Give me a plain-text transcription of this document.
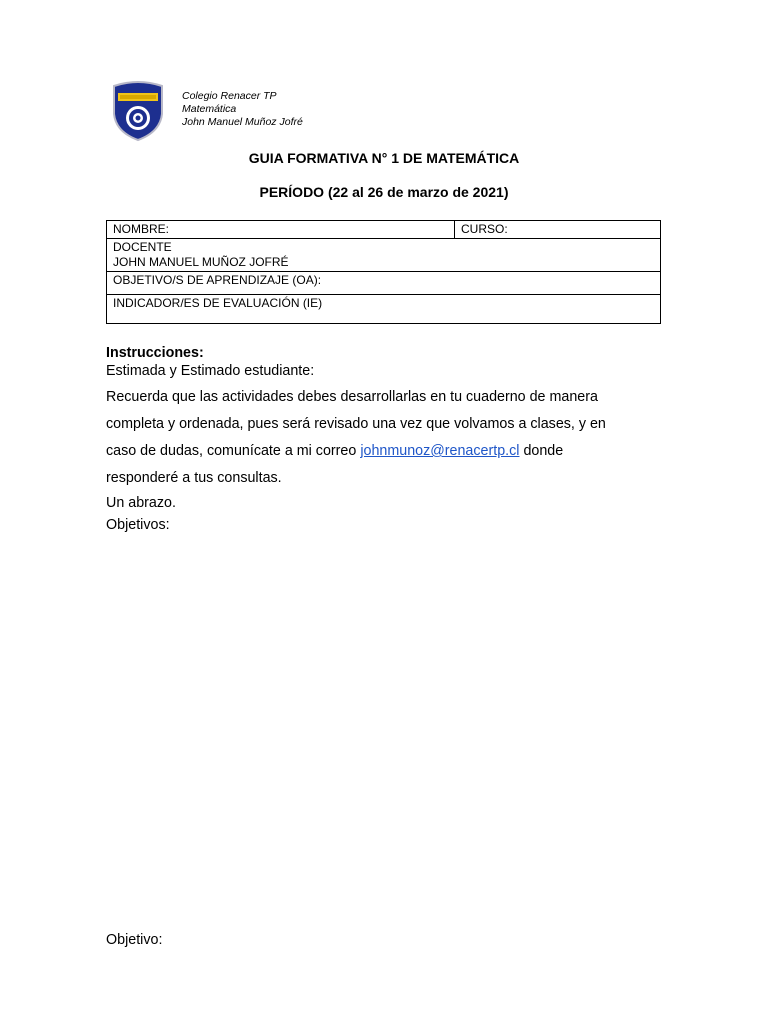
Colegio Renacer TP
Matemática
John Manuel Muñoz Jofré
GUIA FORMATIVA N° 1 DE MATEMÁTICA
PERÍODO (22 al 26 de marzo de 2021)
NOMBRE:	CURSO:

DOCENTE
JOHN MANUEL MUÑOZ JOFRÉ

OBJETIVO/S DE APRENDIZAJE (OA):
INDICADOR/ES DE EVALUACIÓN (IE)
Instrucciones:
Estimada y Estimado estudiante:
Recuerda que las actividades debes desarrollarlas en tu cuaderno de manera
completa y ordenada, pues será revisado una vez que volvamos a clases, y en
caso de dudas, comunícate a mi correo johnmunoz@renacertp.cl donde
responderé a tus consultas.
Un abrazo.
Objetivos:
Objetivo:
